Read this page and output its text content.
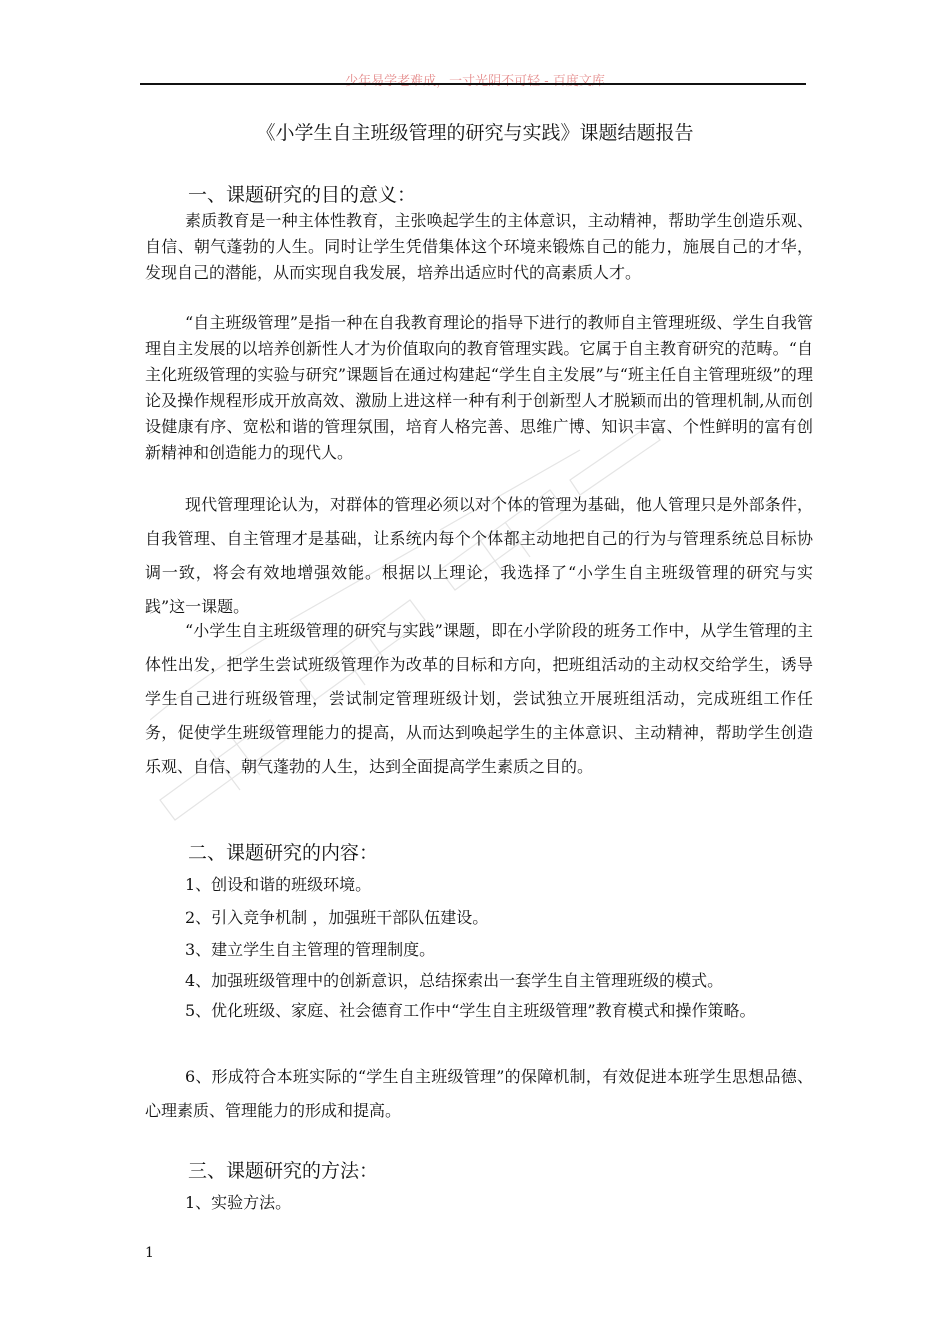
少年易学老难成，一寸光阴不可轻 - 百度文库
《小学生自主班级管理的研究与实践》课题结题报告
一、课题研究的目的意义：

素质教育是一种主体性教育，主张唤起学生的主体意识，主动精神，帮助学生创造乐观、自信、朝气蓬勃的人生。同时让学生凭借集体这个环境来锻炼自己的能力，施展自己的才华，发现自己的潜能，从而实现自我发展，培养出适应时代的高素质人才。

“自主班级管理”是指一种在自我教育理论的指导下进行的教师自主管理班级、学生自我管理自主发展的以培养创新性人才为价值取向的教育管理实践。它属于自主教育研究的范畴。“自主化班级管理的实验与研究”课题旨在通过构建起“学生自主发展”与“班主任自主管理班级”的理论及操作规程形成开放高效、激励上进这样一种有利于创新型人才脱颖而出的管理机制,从而创设健康有序、宽松和谐的管理氛围，培育人格完善、思维广博、知识丰富、个性鲜明的富有创新精神和创造能力的现代人。

现代管理理论认为，对群体的管理必须以对个体的管理为基础，他人管理只是外部条件，自我管理、自主管理才是基础，让系统内每个个体都主动地把自己的行为与管理系统总目标协调一致，将会有效地增强效能。根据以上理论，我选择了“小学生自主班级管理的研究与实践”这一课题。

“小学生自主班级管理的研究与实践”课题，即在小学阶段的班务工作中，从学生管理的主体性出发，把学生尝试班级管理作为改革的目标和方向，把班组活动的主动权交给学生，诱导学生自己进行班级管理，尝试制定管理班级计划，尝试独立开展班组活动，完成班组工作任务，促使学生班级管理能力的提高，从而达到唤起学生的主体意识、主动精神，帮助学生创造乐观、自信、朝气蓬勃的人生，达到全面提高学生素质之目的。

二、课题研究的内容：
1、创设和谐的班级环境。
2、引入竞争机制 ，加强班干部队伍建设。
3、建立学生自主管理的管理制度。
4、加强班级管理中的创新意识，总结探索出一套学生自主管理班级的模式。

5、优化班级、家庭、社会德育工作中“学生自主班级管理”教育模式和操作策略。

6、形成符合本班实际的“学生自主班级管理”的保障机制，有效促进本班学生思想品德、心理素质、管理能力的形成和提高。

三、课题研究的方法：
1、实验方法。
1
